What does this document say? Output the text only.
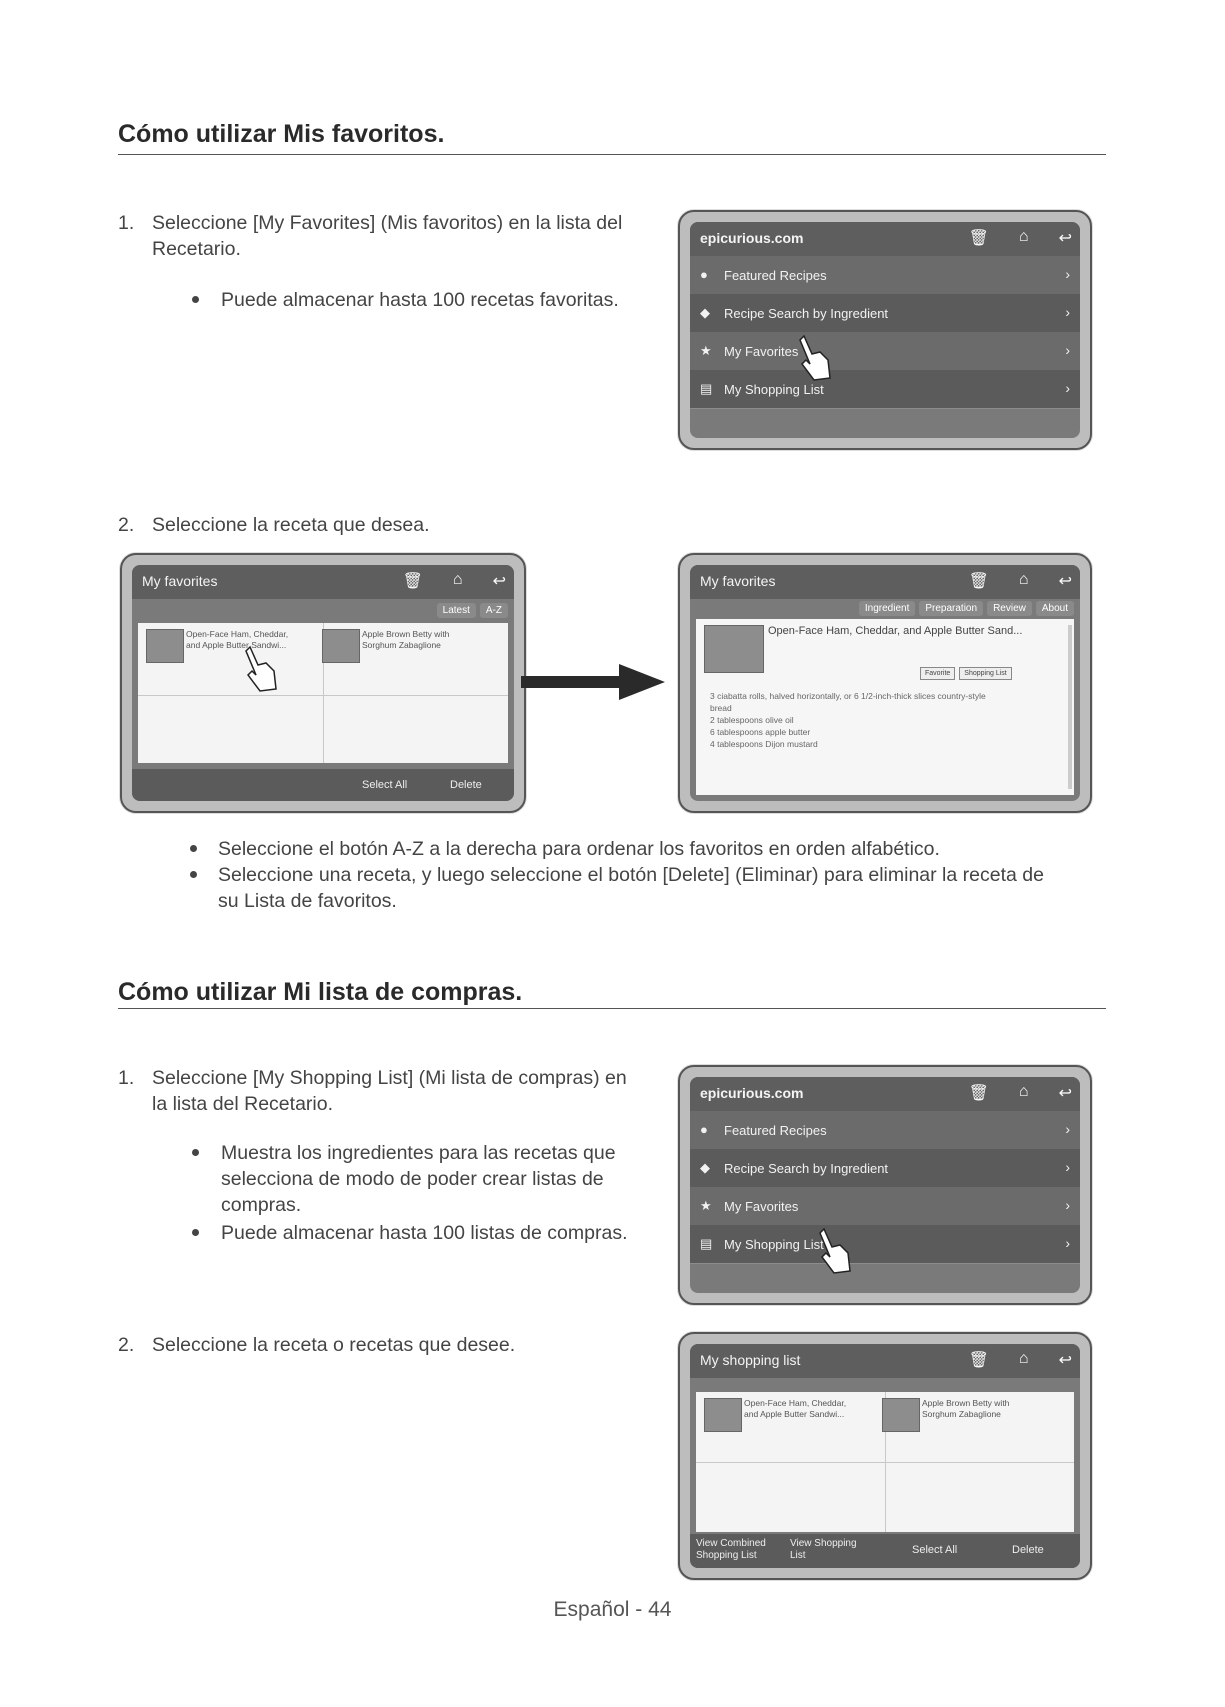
Cómo utilizar Mis favoritos.
1. Seleccione [My Favorites] (Mis favoritos) en la lista del
Recetario.
Puede almacenar hasta 100 recetas favoritas.
epicurious.com	🗑 ⌂ ↩
● Featured Recipes	›
◆ Recipe Search by Ingredient	›
★ My Favorites	›
▤ My Shopping List	›
2. Seleccione la receta que desea.
My favorites	🗑 ⌂ ↩
Latest	A-Z
Open-Face Ham, Cheddar,
and Apple Butter Sandwi...
Apple Brown Betty with
Sorghum Zabaglione
Select All	Delete
My favorites	🗑 ⌂ ↩
Ingredient	Preparation	Review	About
Open-Face Ham, Cheddar, and Apple Butter Sand...
Favorite	Shopping List
3 ciabatta rolls, halved horizontally, or 6 1/2-inch-thick slices country-style
bread
2 tablespoons olive oil
6 tablespoons apple butter
4 tablespoons Dijon mustard
Seleccione el botón A-Z a la derecha para ordenar los favoritos en orden alfabético.
Seleccione una receta, y luego seleccione el botón [Delete] (Eliminar) para eliminar la receta de
su Lista de favoritos.
Cómo utilizar Mi lista de compras.
1. Seleccione [My Shopping List] (Mi lista de compras) en
la lista del Recetario.
Muestra los ingredientes para las recetas que
selecciona de modo de poder crear listas de
compras.
Puede almacenar hasta 100 listas de compras.
epicurious.com	🗑 ⌂ ↩
● Featured Recipes	›
◆ Recipe Search by Ingredient	›
★ My Favorites	›
▤ My Shopping List	›
2. Seleccione la receta o recetas que desee.
My shopping list	🗑 ⌂ ↩
Open-Face Ham, Cheddar,
and Apple Butter Sandwi...
Apple Brown Betty with
Sorghum Zabaglione
View Combined Shopping List
View Shopping List	Select All	Delete
Español - 44
